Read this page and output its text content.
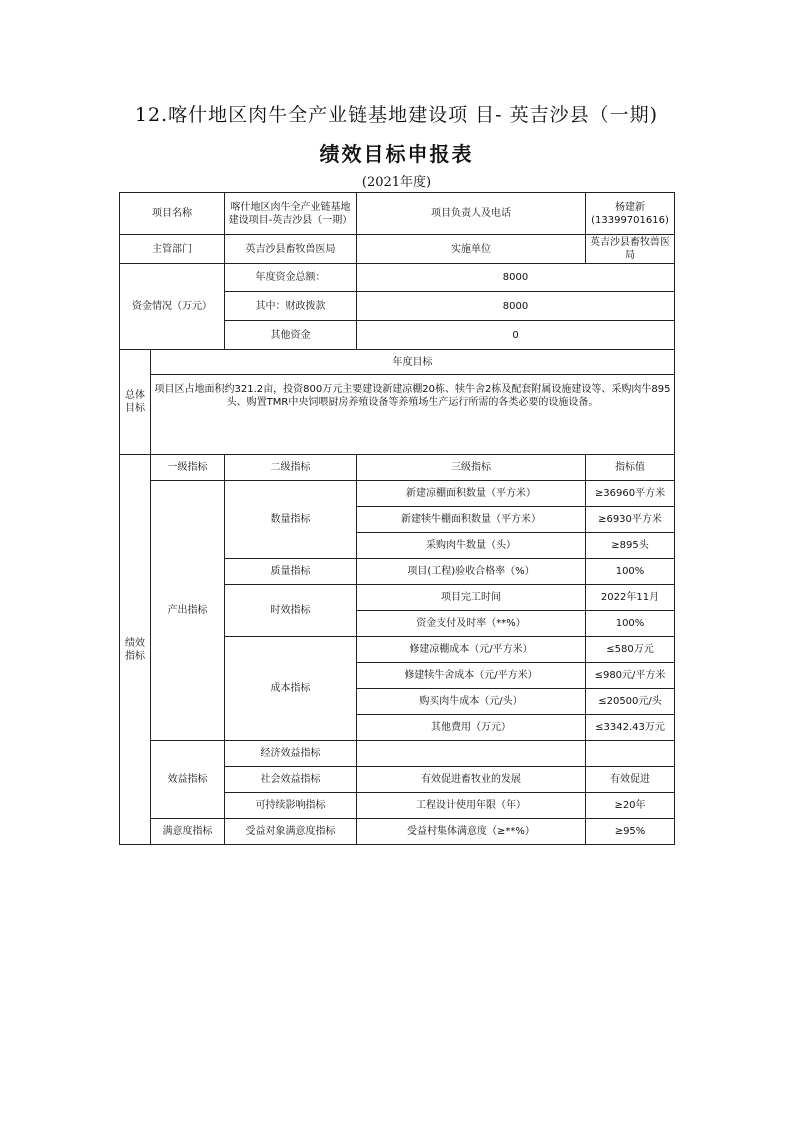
12.喀什地区肉牛全产业链基地建设项 目- 英吉沙县（一期)
绩效目标申报表
(2021年度)
项目名称		喀什地区肉牛全产业链基地建设项目-英吉沙县（一期）	项目负责人及电话	杨建新
(13399701616)

主管部门		英吉沙县畜牧兽医局	实施单位	英吉沙县畜牧兽医局
资金情况（万元）		年度资金总额：	8000	
		其中：财政拨款	8000	
		其他资金	0	
总体目标	年度目标			
	项目区占地面积约321.2亩，投资800万元主要建设新建凉棚20栋、犊牛舍2栋及配套附属设施建设等、采购肉牛895头、购置TMR中央饲喂厨房养殖设备等养殖场生产运行所需的各类必要的设施设备。			
绩效指标	一级指标	二级指标	三级指标	指标值
	产出指标	数量指标	新建凉棚面积数量（平方米）	≥36960平方米
			新建犊牛棚面积数量（平方米）	≥6930平方米
			采购肉牛数量（头）	≥895头
		质量指标	项目(工程)验收合格率（%）	100%
		时效指标	项目完工时间	2022年11月
			资金支付及时率（**%）	100%
		成本指标	修建凉棚成本（元/平方米）	≤580万元
			修建犊牛舍成本（元/平方米）	≤980元/平方米
			购买肉牛成本（元/头）	≤20500元/头
			其他费用（万元）	≤3342.43万元
	效益指标	经济效益指标		
		社会效益指标	有效促进畜牧业的发展	有效促进
		可持续影响指标	工程设计使用年限（年）	≥20年
	满意度指标	受益对象满意度指标	受益村集体满意度（≥**%）	≥95%
